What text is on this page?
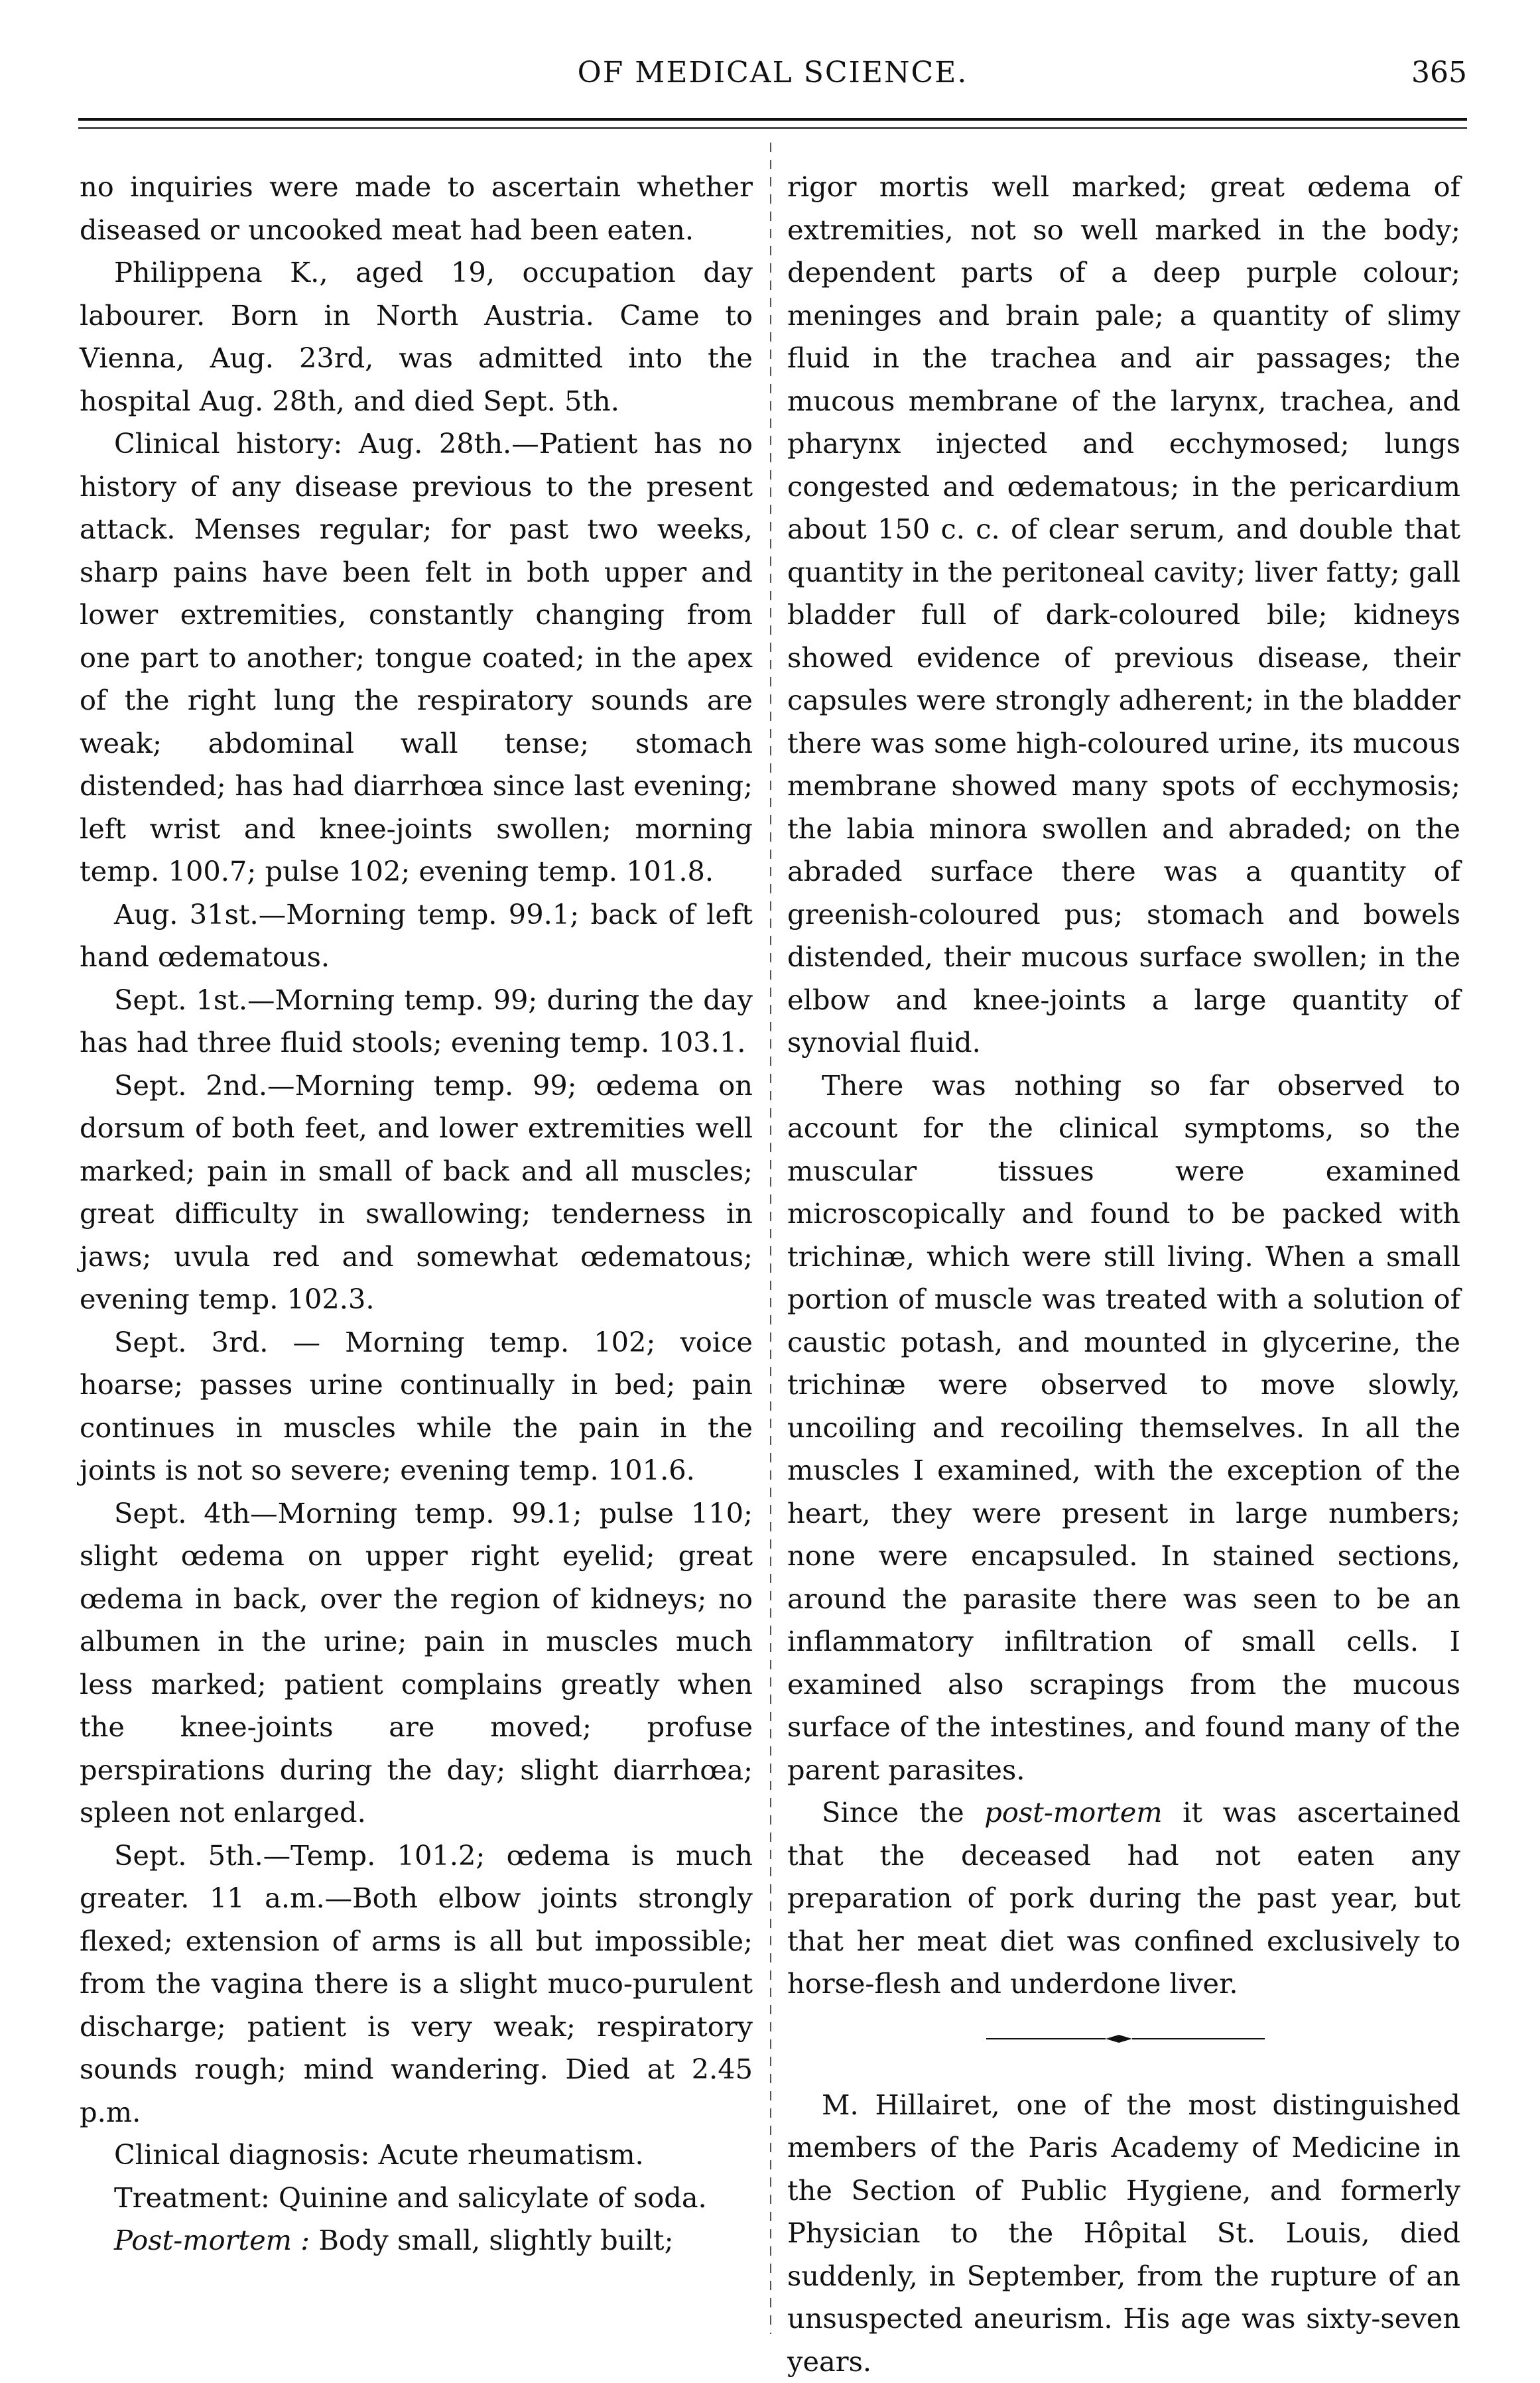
OF MEDICAL SCIENCE.	365

no inquiries were made to ascertain whether diseased or uncooked meat had been eaten.

Philippena K., aged 19, occupation day labourer. Born in North Austria. Came to Vienna, Aug. 23rd, was admitted into the hospital Aug. 28th, and died Sept. 5th.

Clinical history: Aug. 28th.—Patient has no history of any disease previous to the present attack. Menses regular; for past two weeks, sharp pains have been felt in both upper and lower extremities, constantly changing from one part to another; tongue coated; in the apex of the right lung the respiratory sounds are weak; abdominal wall tense; stomach distended; has had diarrhœa since last evening; left wrist and knee-joints swollen; morning temp. 100.7; pulse 102; evening temp. 101.8.

Aug. 31st.—Morning temp. 99.1; back of left hand œdematous.

Sept. 1st.—Morning temp. 99; during the day has had three fluid stools; evening temp. 103.1.

Sept. 2nd.—Morning temp. 99; œdema on dorsum of both feet, and lower extremities well marked; pain in small of back and all muscles; great difficulty in swallowing; tenderness in jaws; uvula red and somewhat œdematous; evening temp. 102.3.

Sept. 3rd. — Morning temp. 102; voice hoarse; passes urine continually in bed; pain continues in muscles while the pain in the joints is not so severe; evening temp. 101.6.

Sept. 4th—Morning temp. 99.1; pulse 110; slight œdema on upper right eyelid; great œdema in back, over the region of kidneys; no albumen in the urine; pain in muscles much less marked; patient complains greatly when the knee-joints are moved; profuse perspirations during the day; slight diarrhœa; spleen not enlarged.

Sept. 5th.—Temp. 101.2; œdema is much greater. 11 a.m.—Both elbow joints strongly flexed; extension of arms is all but impossible; from the vagina there is a slight muco-purulent discharge; patient is very weak; respiratory sounds rough; mind wandering. Died at 2.45 p.m.

Clinical diagnosis: Acute rheumatism.

Treatment: Quinine and salicylate of soda.

Post-mortem : Body small, slightly built;

rigor mortis well marked; great œdema of extremities, not so well marked in the body; dependent parts of a deep purple colour; meninges and brain pale; a quantity of slimy fluid in the trachea and air passages; the mucous membrane of the larynx, trachea, and pharynx injected and ecchymosed; lungs congested and œdematous; in the pericardium about 150 c. c. of clear serum, and double that quantity in the peritoneal cavity; liver fatty; gall bladder full of dark-coloured bile; kidneys showed evidence of previous disease, their capsules were strongly adherent; in the bladder there was some high-coloured urine, its mucous membrane showed many spots of ecchymosis; the labia minora swollen and abraded; on the abraded surface there was a quantity of greenish-coloured pus; stomach and bowels distended, their mucous surface swollen; in the elbow and knee-joints a large quantity of synovial fluid.

There was nothing so far observed to account for the clinical symptoms, so the muscular tissues were examined microscopically and found to be packed with trichinæ, which were still living. When a small portion of muscle was treated with a solution of caustic potash, and mounted in glycerine, the trichinæ were observed to move slowly, uncoiling and recoiling themselves. In all the muscles I examined, with the exception of the heart, they were present in large numbers; none were encapsuled. In stained sections, around the parasite there was seen to be an inflammatory infiltration of small cells. I examined also scrapings from the mucous surface of the intestines, and found many of the parent parasites.

Since the post-mortem it was ascertained that the deceased had not eaten any preparation of pork during the past year, but that her meat diet was confined exclusively to horse-flesh and underdone liver.

M. Hillairet, one of the most distinguished members of the Paris Academy of Medicine in the Section of Public Hygiene, and formerly Physician to the Hôpital St. Louis, died suddenly, in September, from the rupture of an unsuspected aneurism. His age was sixty-seven years.
